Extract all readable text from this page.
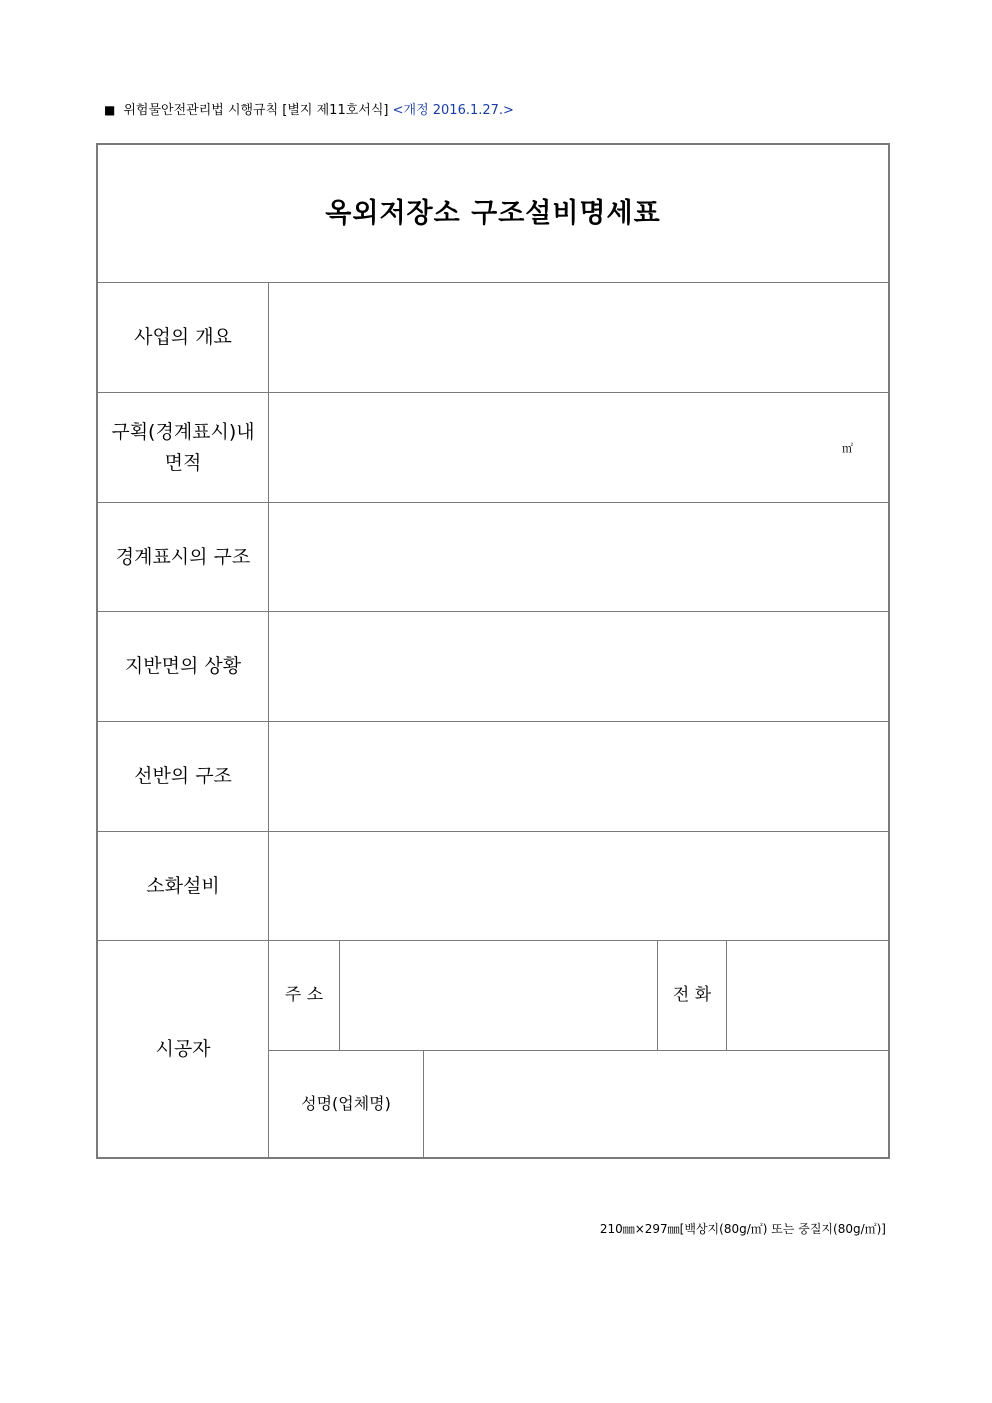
■ 위험물안전관리법 시행규칙 [별지 제11호서식] <개정 2016.1.27.>
옥외저장소 구조설비명세표
사업의 개요
구획(경계표시)내
면적
㎡
경계표시의 구조
지반면의 상황
선반의 구조
소화설비
시공자
주 소	전 화
성명(업체명)
210㎜×297㎜[백상지(80g/㎡) 또는 중질지(80g/㎡)]
